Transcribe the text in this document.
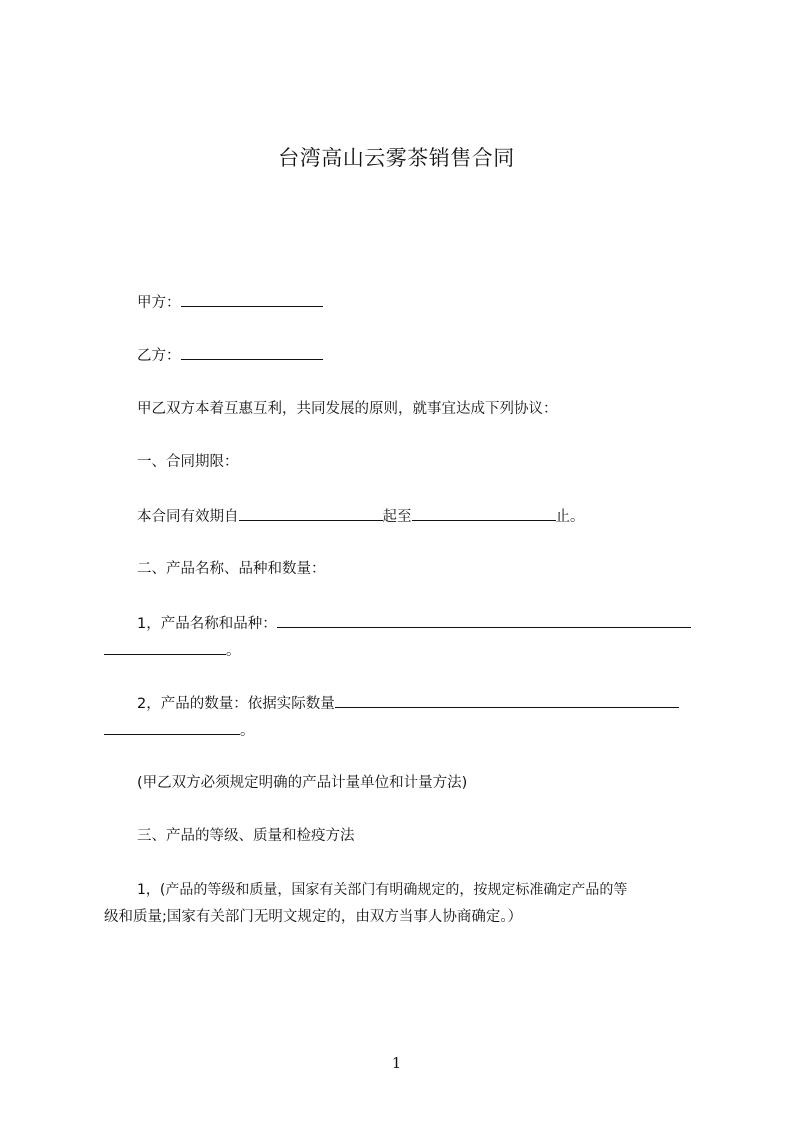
台湾高山云雾茶销售合同
甲方：
乙方：
甲乙双方本着互惠互利，共同发展的原则，就事宜达成下列协议：
一、合同期限：
本合同有效期自	起至	止。
二、产品名称、品种和数量：
1，产品名称和品种：
。
2，产品的数量：依据实际数量
。
(甲乙双方必须规定明确的产品计量单位和计量方法)
三、产品的等级、质量和检疫方法
1，(产品的等级和质量，国家有关部门有明确规定的，按规定标准确定产品的等
级和质量;国家有关部门无明文规定的，由双方当事人协商确定。）
1
